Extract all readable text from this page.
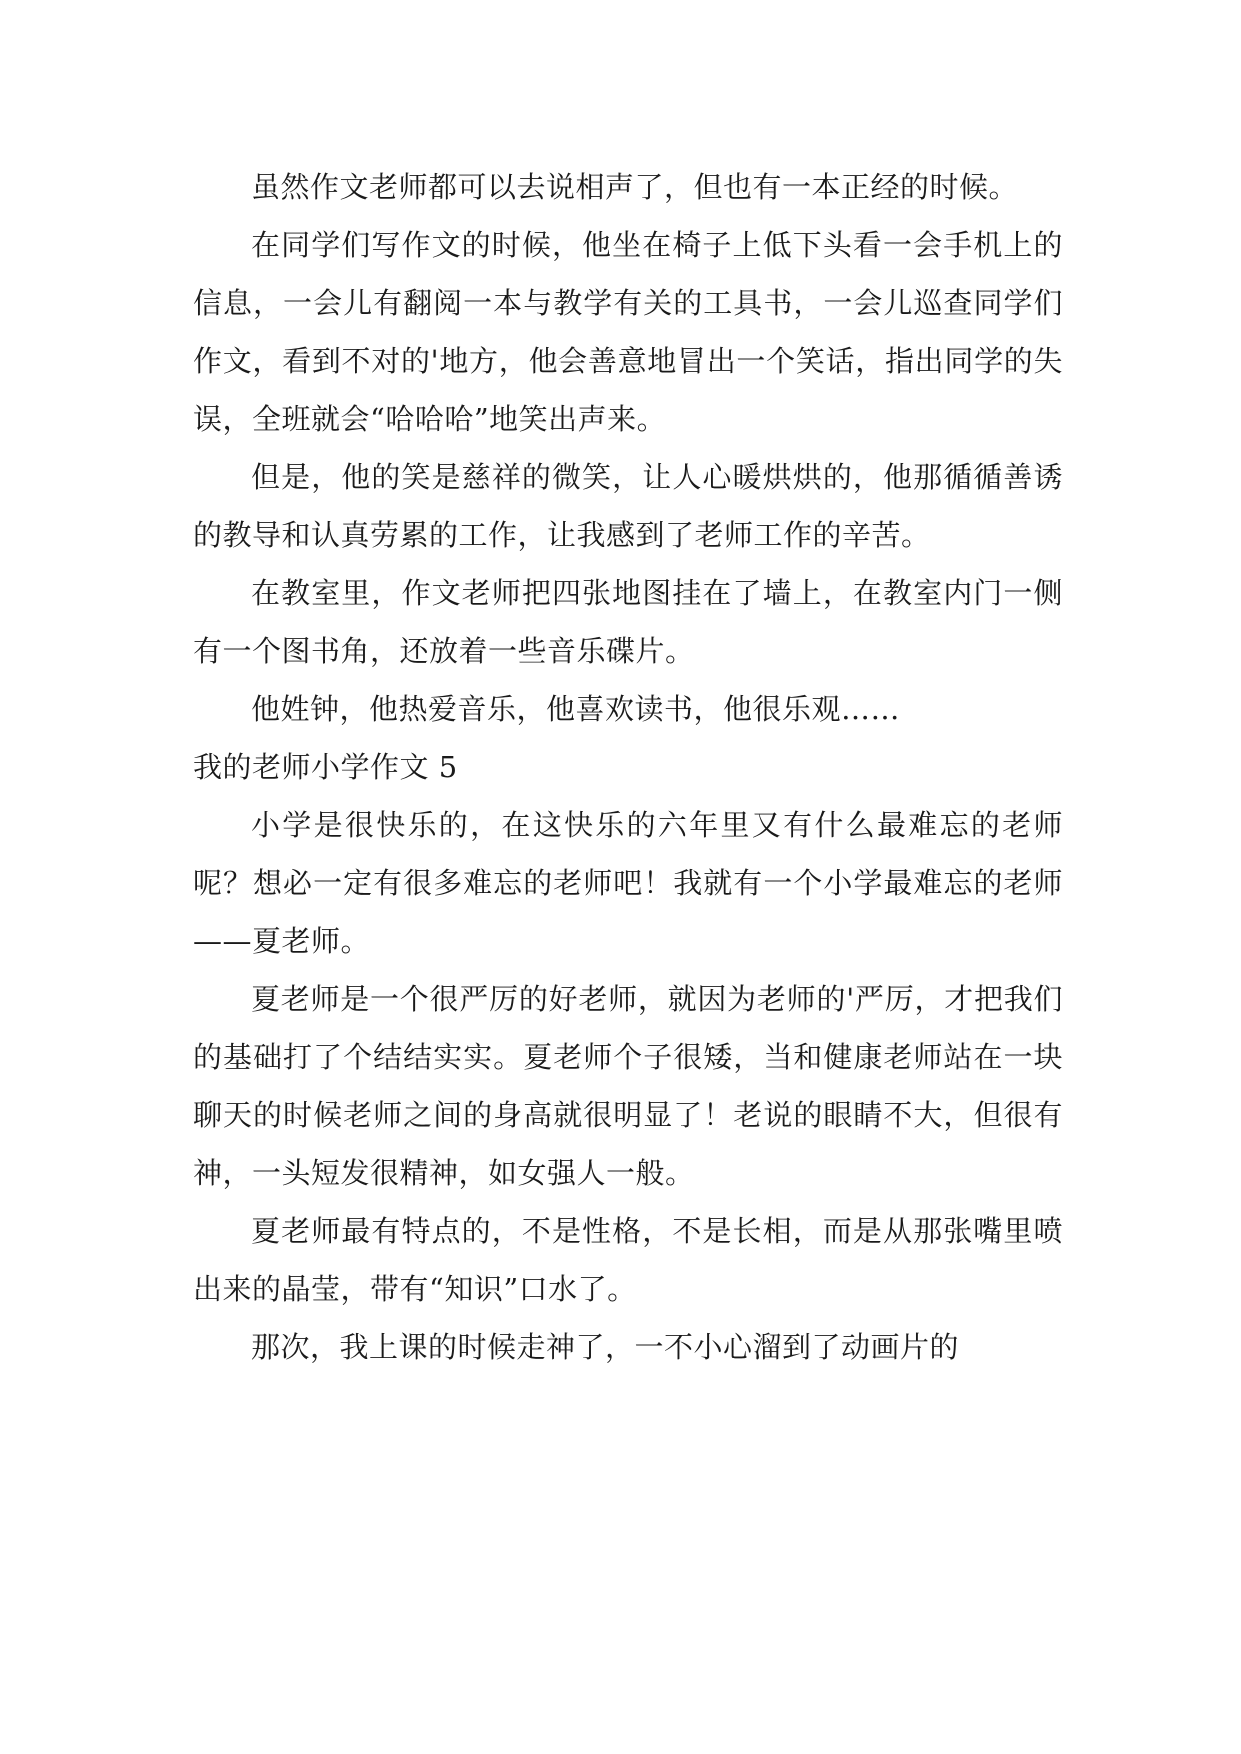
虽然作文老师都可以去说相声了，但也有一本正经的时候。

在同学们写作文的时候，他坐在椅子上低下头看一会手机上的信息，一会儿有翻阅一本与教学有关的工具书，一会儿巡查同学们作文，看到不对的'地方，他会善意地冒出一个笑话，指出同学的失误，全班就会“哈哈哈”地笑出声来。

但是，他的笑是慈祥的微笑，让人心暖烘烘的，他那循循善诱的教导和认真劳累的工作，让我感到了老师工作的辛苦。

在教室里，作文老师把四张地图挂在了墙上，在教室内门一侧有一个图书角，还放着一些音乐碟片。

他姓钟，他热爱音乐，他喜欢读书，他很乐观……

我的老师小学作文 5

小学是很快乐的，在这快乐的六年里又有什么最难忘的老师呢？想必一定有很多难忘的老师吧！我就有一个小学最难忘的老师——夏老师。

夏老师是一个很严厉的好老师，就因为老师的'严厉，才把我们的基础打了个结结实实。夏老师个子很矮，当和健康老师站在一块聊天的时候老师之间的身高就很明显了！老说的眼睛不大，但很有神，一头短发很精神，如女强人一般。

夏老师最有特点的，不是性格，不是长相，而是从那张嘴里喷出来的晶莹，带有“知识”口水了。

那次，我上课的时候走神了，一不小心溜到了动画片的
